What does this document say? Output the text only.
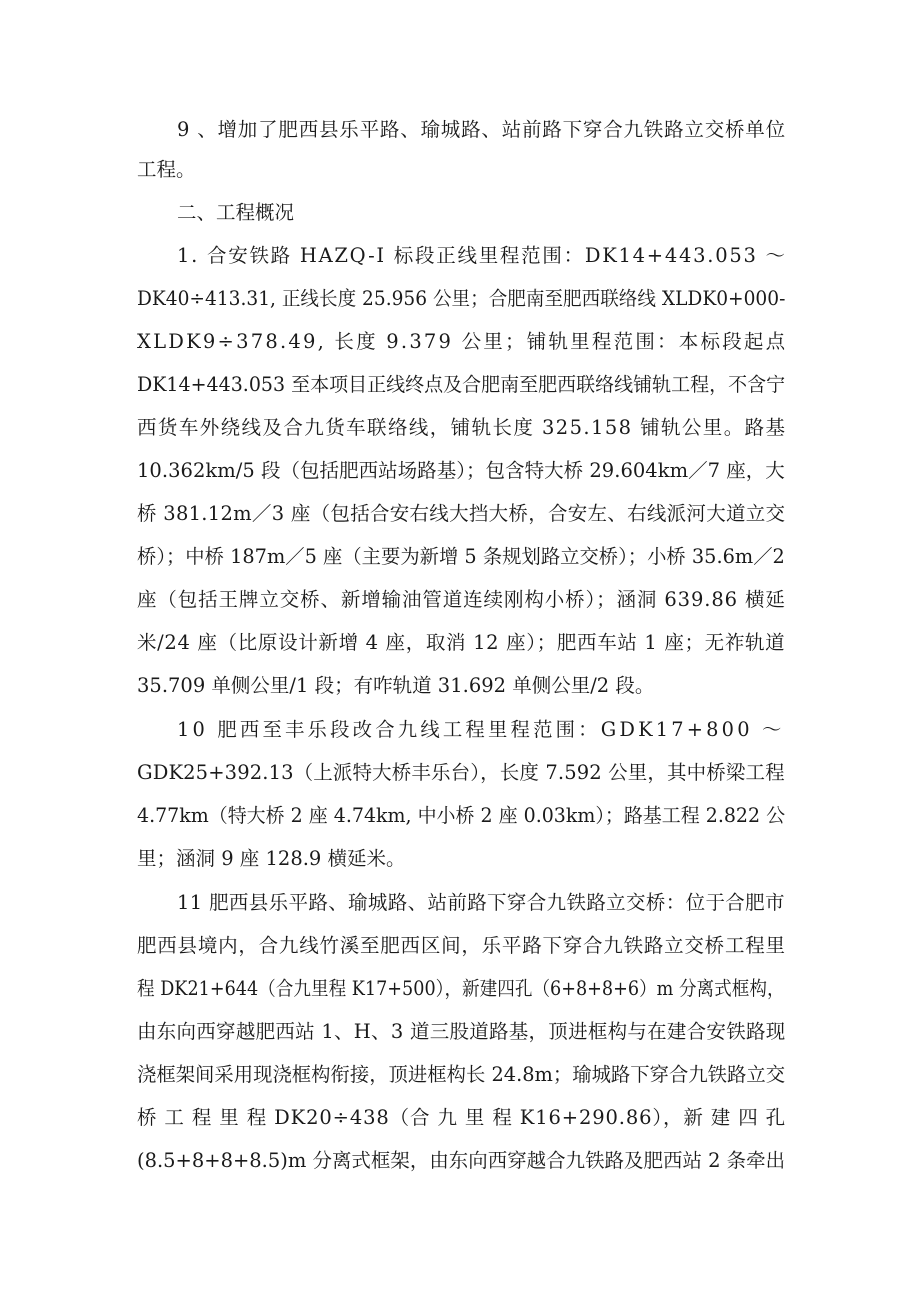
9 、增加了肥西县乐平路、瑜城路、站前路下穿合九铁路立交桥单位
工程。
二、工程概况
1. 合安铁路 HAZQ-I 标段正线里程范围：DK14+443.053 ～
DK40÷413.31, 正线长度 25.956 公里；合肥南至肥西联络线 XLDK0+000-
XLDK9÷378.49, 长度 9.379 公里；铺轨里程范围：本标段起点
DK14+443.053 至本项目正线终点及合肥南至肥西联络线铺轨工程，不含宁
西货车外绕线及合九货车联络线，铺轨长度 325.158 铺轨公里。路基
10.362km/5 段（包括肥西站场路基）；包含特大桥 29.604km／7 座，大
桥 381.12m／3 座（包括合安右线大挡大桥，合安左、右线派河大道立交
桥）；中桥 187m／5 座（主要为新增 5 条规划路立交桥）；小桥 35.6m／2
座（包括王牌立交桥、新增输油管道连续刚构小桥）；涵洞 639.86 横延
米/24 座（比原设计新增 4 座，取消 12 座）；肥西车站 1 座；无祚轨道
35.709 单侧公里/1 段；有咋轨道 31.692 单侧公里/2 段。
10 肥西至丰乐段改合九线工程里程范围：GDK17+800 ～
GDK25+392.13（上派特大桥丰乐台），长度 7.592 公里，其中桥梁工程
4.77km（特大桥 2 座 4.74km, 中小桥 2 座 0.03km）；路基工程 2.822 公
里；涵洞 9 座 128.9 横延米。
11 肥西县乐平路、瑜城路、站前路下穿合九铁路立交桥：位于合肥市
肥西县境内，合九线竹溪至肥西区间，乐平路下穿合九铁路立交桥工程里
程 DK21+644（合九里程 K17+500），新建四孔（6+8+8+6）m 分离式框构，
由东向西穿越肥西站 1、H、3 道三股道路基，顶进框构与在建合安铁路现
浇框架间采用现浇框构衔接，顶进框构长 24.8m；瑜城路下穿合九铁路立交
桥 工 程 里 程 DK20÷438（合 九 里 程 K16+290.86），新 建 四 孔
(8.5+8+8+8.5)m 分离式框架，由东向西穿越合九铁路及肥西站 2 条牵出
